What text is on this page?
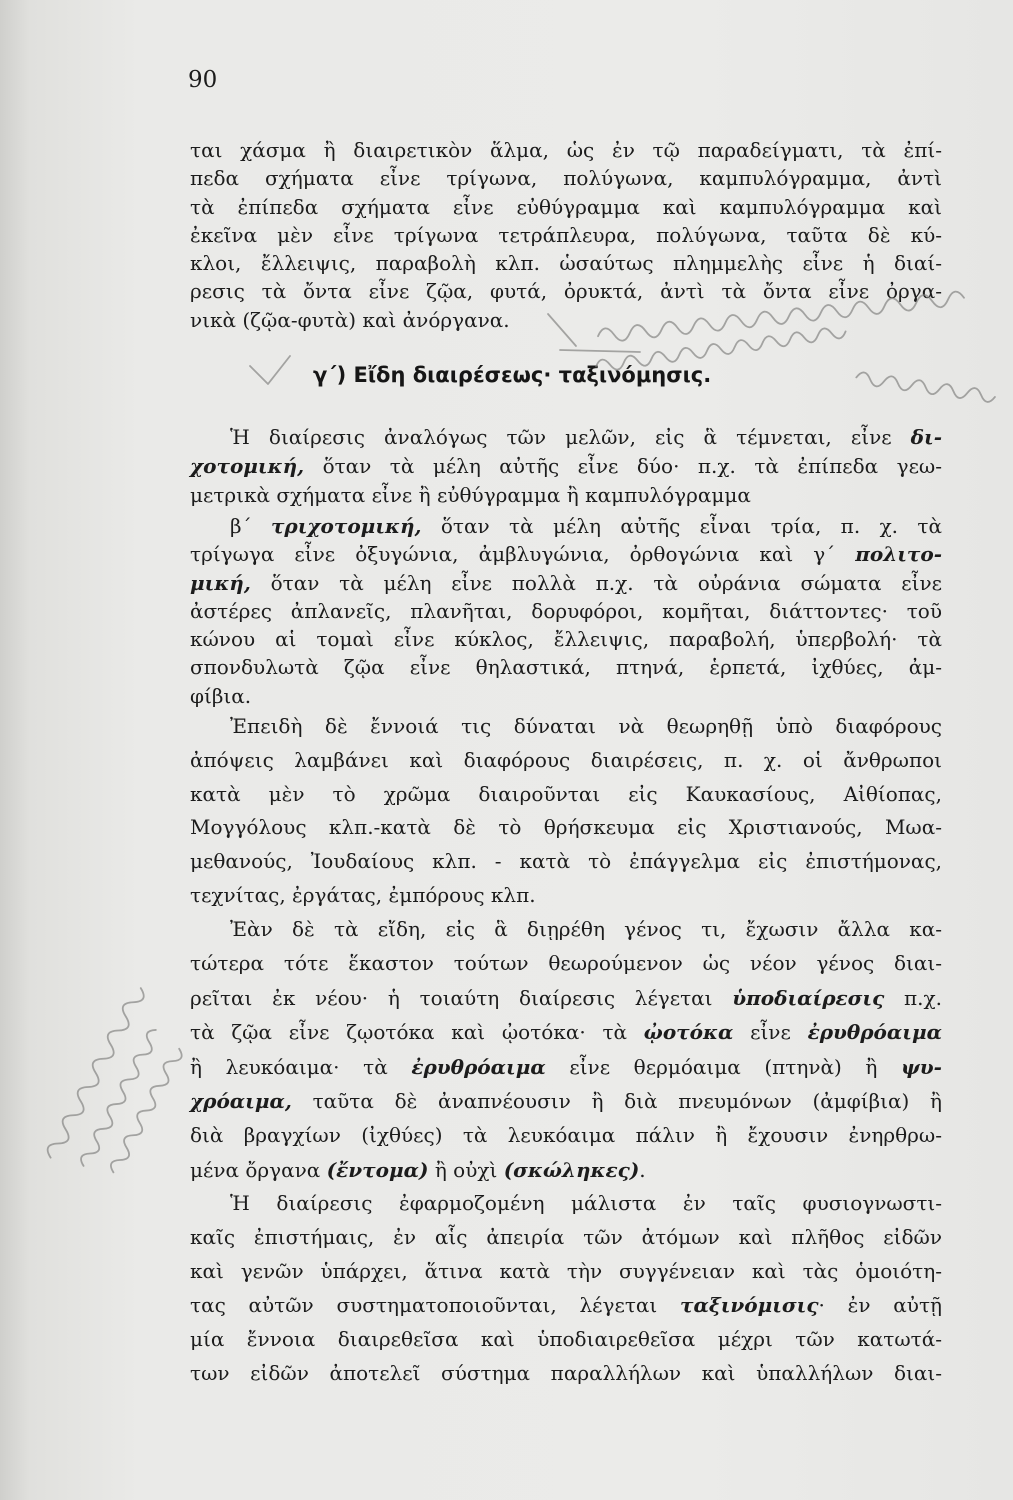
90
ται χάσμα ἢ διαιρετικὸν ἅλμα, ὡς ἐν τῷ παραδείγματι, τὰ ἐπί-
πεδα σχήματα εἶνε τρίγωνα, πολύγωνα, καμπυλόγραμμα, ἀντὶ
τὰ ἐπίπεδα σχήματα εἶνε εὐθύγραμμα καὶ καμπυλόγραμμα καὶ
ἐκεῖνα μὲν εἶνε τρίγωνα τετράπλευρα, πολύγωνα, ταῦτα δὲ κύ-
κλοι, ἔλλειψις, παραβολὴ κλπ. ὡσαύτως πλημμελὴς εἶνε ἡ διαί-
ρεσις τὰ ὄντα εἶνε ζῷα, φυτά, ὀρυκτά, ἀντὶ τὰ ὄντα εἶνε ὀργα-
νικὰ (ζῷα-φυτὰ) καὶ ἀνόργανα.
γ΄) Εἴδη διαιρέσεως· ταξινόμησις.
Ἡ διαίρεσις ἀναλόγως τῶν μελῶν, εἰς ἃ τέμνεται, εἶνε δι-
χοτομική, ὅταν τὰ μέλη αὐτῆς εἶνε δύο· π.χ. τὰ ἐπίπεδα γεω-
μετρικὰ σχήματα εἶνε ἢ εὐθύγραμμα ἢ καμπυλόγραμμα
β΄ τριχοτομική, ὅταν τὰ μέλη αὐτῆς εἶναι τρία, π. χ. τὰ
τρίγωγα εἶνε ὀξυγώνια, ἀμβλυγώνια, ὀρθογώνια καὶ γ΄ πολιτο-
μική, ὅταν τὰ μέλη εἶνε πολλὰ π.χ. τὰ οὐράνια σώματα εἶνε
ἀστέρες ἀπλανεῖς, πλανῆται, δορυφόροι, κομῆται, διάττοντες· τοῦ
κώνου αἱ τομαὶ εἶνε κύκλος, ἔλλειψις, παραβολή, ὑπερβολή· τὰ
σπονδυλωτὰ ζῷα εἶνε θηλαστικά, πτηνά, ἑρπετά, ἰχθύες, ἀμ-
φίβια.
Ἐπειδὴ δὲ ἔννοιά τις δύναται νὰ θεωρηθῇ ὑπὸ διαφόρους
ἀπόψεις λαμβάνει καὶ διαφόρους διαιρέσεις, π. χ. οἱ ἄνθρωποι
κατὰ μὲν τὸ χρῶμα διαιροῦνται εἰς Καυκασίους, Αἰθίοπας,
Μογγόλους κλπ.-κατὰ δὲ τὸ θρήσκευμα εἰς Χριστιανούς, Μωα-
μεθανούς, Ἰουδαίους κλπ. - κατὰ τὸ ἐπάγγελμα εἰς ἐπιστήμονας,
τεχνίτας, ἐργάτας, ἐμπόρους κλπ.
Ἐὰν δὲ τὰ εἴδη, εἰς ἃ διῃρέθη γένος τι, ἔχωσιν ἄλλα κα-
τώτερα τότε ἕκαστον τούτων θεωρούμενον ὡς νέον γένος διαι-
ρεῖται ἐκ νέου· ἡ τοιαύτη διαίρεσις λέγεται ὑποδιαίρεσις π.χ.
τὰ ζῷα εἶνε ζῳοτόκα καὶ ᾠοτόκα· τὰ ᾠοτόκα εἶνε ἐρυθρόαιμα
ἢ λευκόαιμα· τὰ ἐρυθρόαιμα εἶνε θερμόαιμα (πτηνὰ) ἢ ψυ-
χρόαιμα, ταῦτα δὲ ἀναπνέουσιν ἢ διὰ πνευμόνων (ἀμφίβια) ἢ
διὰ βραγχίων (ἰχθύες) τὰ λευκόαιμα πάλιν ἢ ἔχουσιν ἐνηρθρω-
μένα ὄργανα (ἔντομα) ἢ οὐχὶ (σκώληκες).
Ἡ διαίρεσις ἐφαρμοζομένη μάλιστα ἐν ταῖς φυσιογνωστι-
καῖς ἐπιστήμαις, ἐν αἷς ἀπειρία τῶν ἀτόμων καὶ πλῆθος εἰδῶν
καὶ γενῶν ὑπάρχει, ἅτινα κατὰ τὴν συγγένειαν καὶ τὰς ὁμοιότη-
τας αὐτῶν συστηματοποιοῦνται, λέγεται ταξινόμισις· ἐν αὐτῇ
μία ἔννοια διαιρεθεῖσα καὶ ὑποδιαιρεθεῖσα μέχρι τῶν κατωτά-
των εἰδῶν ἀποτελεῖ σύστημα παραλλήλων καὶ ὑπαλλήλων διαι-
